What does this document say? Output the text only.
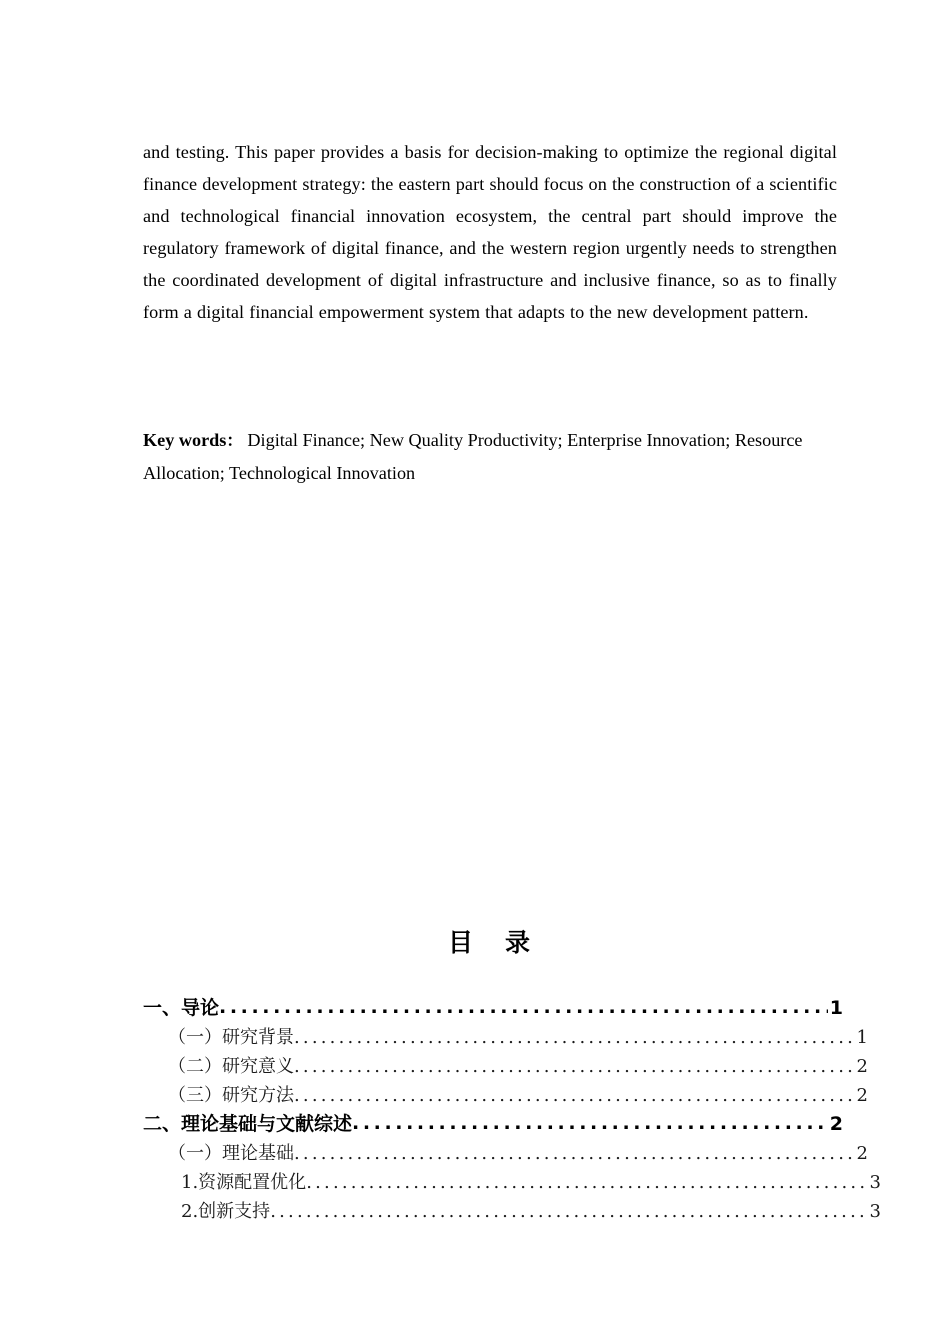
and testing. This paper provides a basis for decision-making to optimize the regional digital finance development strategy: the eastern part should focus on the construction of a scientific and technological financial innovation ecosystem, the central part should improve the regulatory framework of digital finance, and the western region urgently needs to strengthen the coordinated development of digital infrastructure and inclusive finance, so as to finally form a digital financial empowerment system that adapts to the new development pattern.

Key words： Digital Finance; New Quality Productivity; Enterprise Innovation; Resource Allocation; Technological Innovation

目 录
一、导论 .....	1
（一）研究背景 .....	1
（二）研究意义 .....	2
（三）研究方法 .....	2
二、理论基础与文献综述 .....	2
（一）理论基础 .....	2
1.资源配置优化 .....	3
2.创新支持 .....	3
